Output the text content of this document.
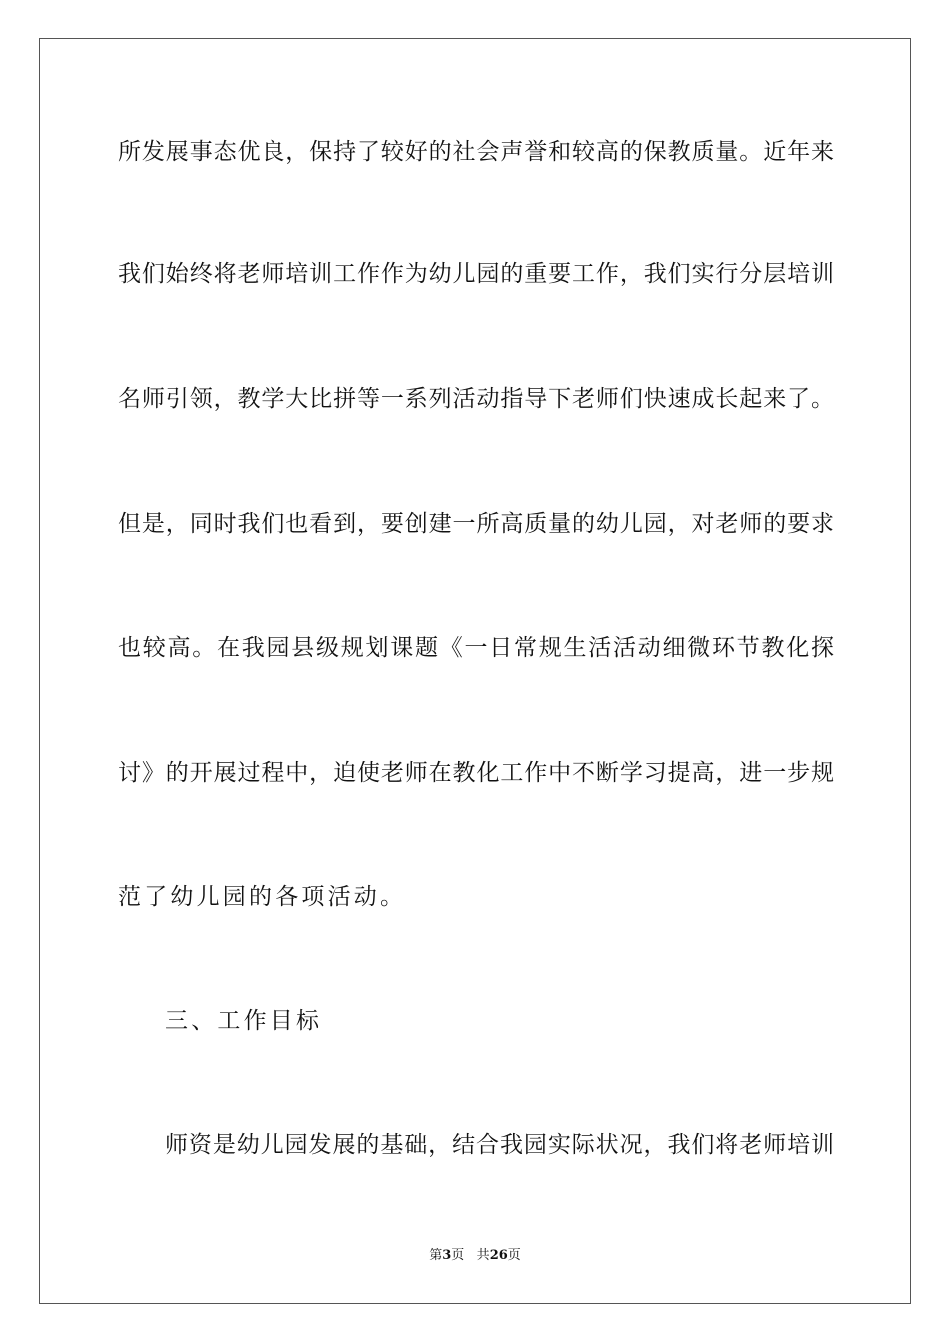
所发展事态优良，保持了较好的社会声誉和较高的保教质量。近年来
我们始终将老师培训工作作为幼儿园的重要工作，我们实行分层培训
名师引领，教学大比拼等一系列活动指导下老师们快速成长起来了。
但是，同时我们也看到，要创建一所高质量的幼儿园，对老师的要求
也较高。在我园县级规划课题《一日常规生活活动细微环节教化探
讨》的开展过程中，迫使老师在教化工作中不断学习提高，进一步规
范了幼儿园的各项活动。
三、工作目标
师资是幼儿园发展的基础，结合我园实际状况，我们将老师培训
第3页 共26页
